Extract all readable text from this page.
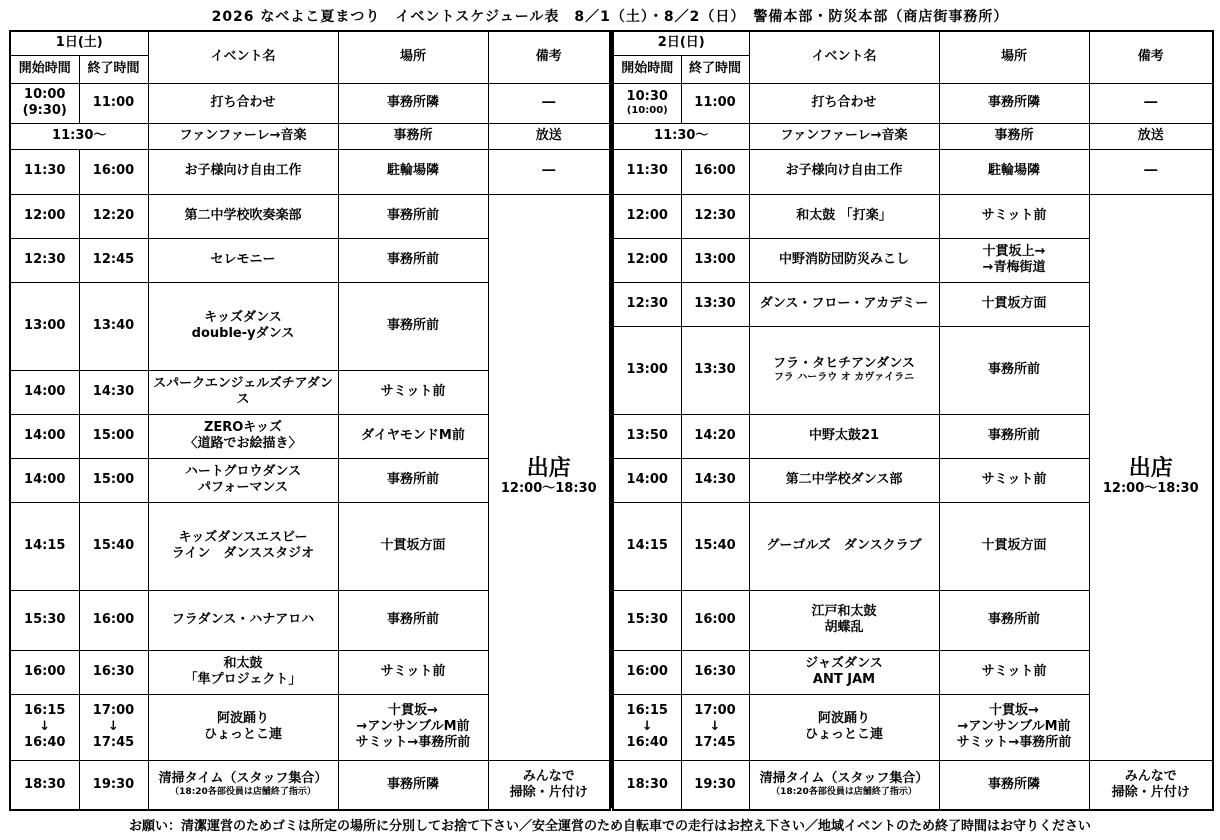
2026 なべよこ夏まつり　イベントスケジュール表　8／1（土）・8／2（日）　警備本部・防災本部（商店街事務所）
1日(土)		イベント名	場所	備考
開始時間	終了時間			

10:00
(9:30)	11:00	打ち合わせ	事務所隣	―
11:30～		ファンファーレ→音楽	事務所	放送
11:30	16:00	お子様向け自由工作	駐輪場隣	―
12:00	12:20	第二中学校吹奏楽部	事務所前	出店
12:00～18:30

12:30	12:45	セレモニー	事務所前	
13:00	13:40	キッズダンス
double-yダンス	事務所前	
14:00	14:30	スパークエンジェルズチアダンス	サミット前	
14:00	15:00	ZEROキッズ
〈道路でお絵描き〉	ダイヤモンドM前	
14:00	15:00	ハートグロウダンス
パフォーマンス	事務所前	
14:15	15:40	キッズダンスエスビー
ライン　ダンススタジオ	十貫坂方面	
15:30	16:00	フラダンス・ハナアロハ	事務所前	
16:00	16:30	和太鼓
「隼プロジェクト」	サミット前	

16:15
↓
16:40	17:00
↓
17:45	阿波踊り
ひょっとこ連	十貫坂→
→アンサンブルM前
サミット→事務所前	

18:30	19:30	清掃タイム（スタッフ集合）
（18:20各部役員は店舗終了指示）	事務所隣	みんなで
掃除・片付け
2日(日)		イベント名	場所	備考
開始時間	終了時間			

10:30
(10:00)	11:00	打ち合わせ	事務所隣	―
11:30～		ファンファーレ→音楽	事務所	放送
11:30	16:00	お子様向け自由工作	駐輪場隣	―
12:00	12:30	和太鼓 「打楽」	サミット前	出店
12:00～18:30

12:00	13:00	中野消防団防災みこし	十貫坂上→
→青梅街道	

12:30	13:30	ダンス・フロー・アカデミー	十貫坂方面	
13:00	13:30	フラ・タヒチアンダンス
フラ ハーラウ オ カヴァイラニ	事務所前	
13:50	14:20	中野太鼓21	事務所前	
14:00	14:30	第二中学校ダンス部	サミット前	
14:15	15:40	グーゴルズ　ダンスクラブ	十貫坂方面	
15:30	16:00	江戸和太鼓
胡蝶乱	事務所前	
16:00	16:30	ジャズダンス
ANT JAM	サミット前	

16:15
↓
16:40	17:00
↓
17:45	阿波踊り
ひょっとこ連	十貫坂→
→アンサンブルM前
サミット→事務所前	

18:30	19:30	清掃タイム（スタッフ集合）
（18:20各部役員は店舗終了指示）	事務所隣	みんなで
掃除・片付け
お願い：清潔運営のためゴミは所定の場所に分別してお捨て下さい／安全運営のため自転車での走行はお控え下さい／地域イベントのため終了時間はお守りください
